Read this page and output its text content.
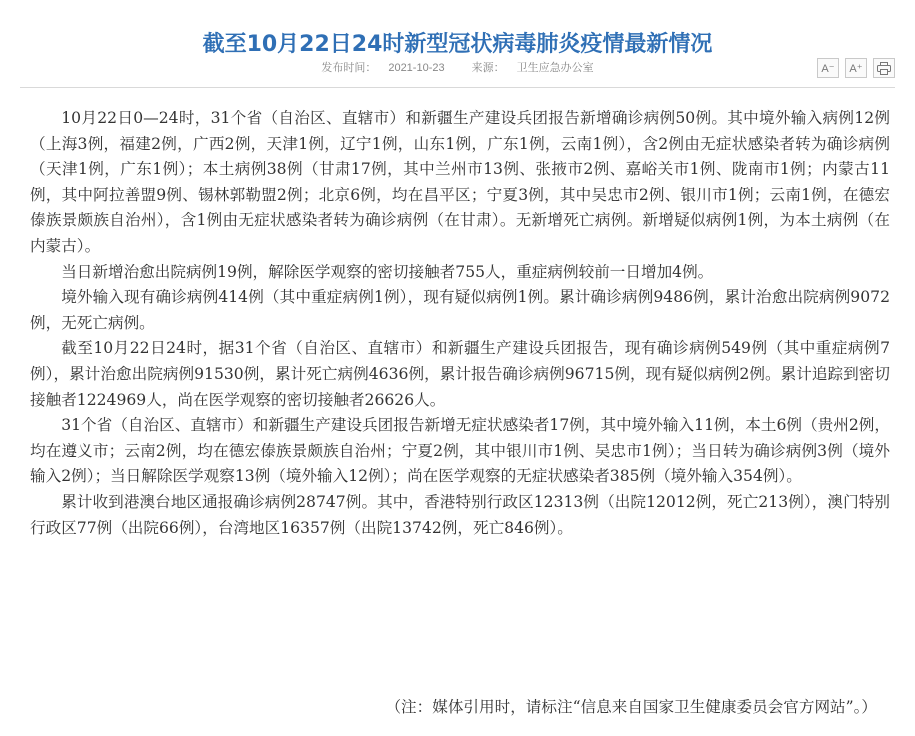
截至10月22日24时新型冠状病毒肺炎疫情最新情况
发布时间： 2021-10-23 来源： 卫生应急办公室	A⁻ A⁺

10月22日0—24时，31个省（自治区、直辖市）和新疆生产建设兵团报告新增确诊病例50例。其中境外输入病例12例（上海3例，福建2例，广西2例，天津1例，辽宁1例，山东1例，广东1例，云南1例），含2例由无症状感染者转为确诊病例（天津1例，广东1例）；本土病例38例（甘肃17例，其中兰州市13例、张掖市2例、嘉峪关市1例、陇南市1例；内蒙古11例，其中阿拉善盟9例、锡林郭勒盟2例；北京6例，均在昌平区；宁夏3例，其中吴忠市2例、银川市1例；云南1例，在德宏傣族景颇族自治州），含1例由无症状感染者转为确诊病例（在甘肃）。无新增死亡病例。新增疑似病例1例，为本土病例（在内蒙古）。

当日新增治愈出院病例19例，解除医学观察的密切接触者755人，重症病例较前一日增加4例。

境外输入现有确诊病例414例（其中重症病例1例），现有疑似病例1例。累计确诊病例9486例，累计治愈出院病例9072例，无死亡病例。

截至10月22日24时，据31个省（自治区、直辖市）和新疆生产建设兵团报告，现有确诊病例549例（其中重症病例7例），累计治愈出院病例91530例，累计死亡病例4636例，累计报告确诊病例96715例，现有疑似病例2例。累计追踪到密切接触者1224969人，尚在医学观察的密切接触者26626人。

31个省（自治区、直辖市）和新疆生产建设兵团报告新增无症状感染者17例，其中境外输入11例，本土6例（贵州2例，均在遵义市；云南2例，均在德宏傣族景颇族自治州；宁夏2例，其中银川市1例、吴忠市1例）；当日转为确诊病例3例（境外输入2例）；当日解除医学观察13例（境外输入12例）；尚在医学观察的无症状感染者385例（境外输入354例）。

累计收到港澳台地区通报确诊病例28747例。其中，香港特别行政区12313例（出院12012例，死亡213例），澳门特别行政区77例（出院66例），台湾地区16357例（出院13742例，死亡846例）。

（注：媒体引用时，请标注“信息来自国家卫生健康委员会官方网站”。）
